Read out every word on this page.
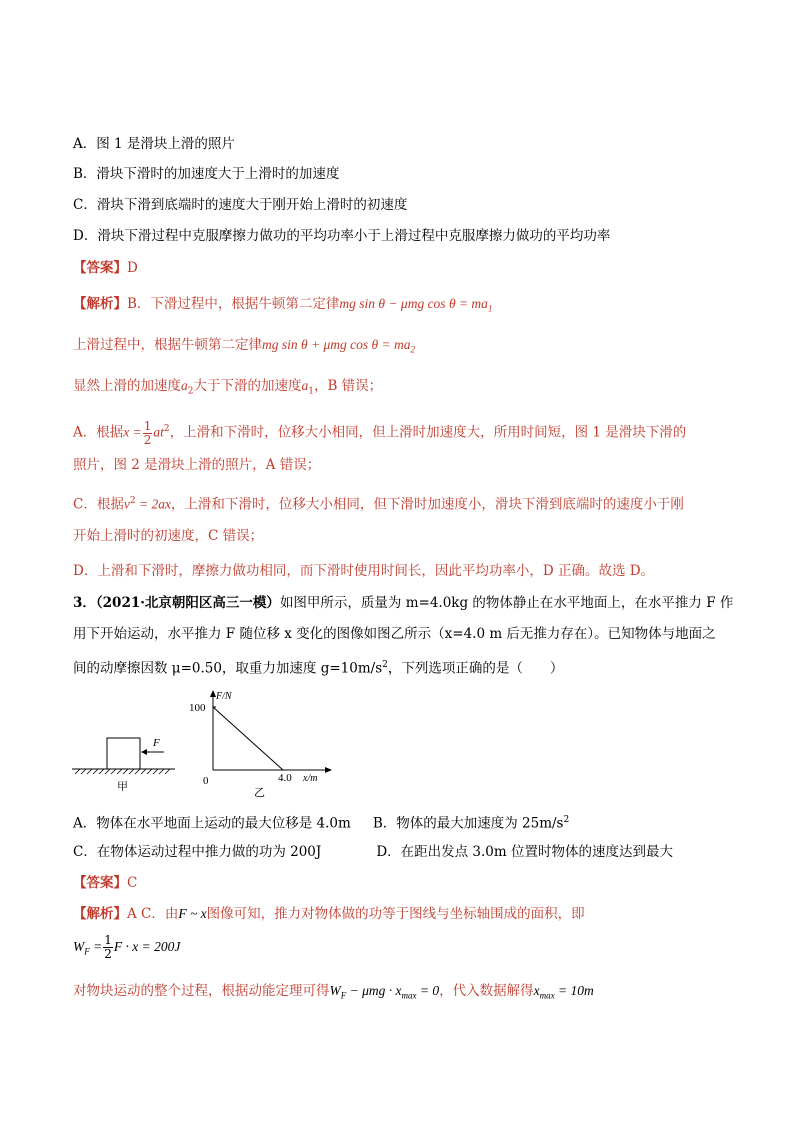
A．图 1 是滑块上滑的照片
B．滑块下滑时的加速度大于上滑时的加速度
C．滑块下滑到底端时的速度大于刚开始上滑时的初速度
D．滑块下滑过程中克服摩擦力做功的平均功率小于上滑过程中克服摩擦力做功的平均功率
【答案】D
【解析】B．下滑过程中，根据牛顿第二定律mg sin θ − μmg $\cos \theta = ma_1$
上滑过程中，根据牛顿第二定律mg sin θ + μmg $\cos \theta = ma_2$
显然上滑的加速度$a_2$大于下滑的加速度$a_1$，B 错误；
A．根据$x = \frac{1}{2} at^2$，上滑和下滑时，位移大小相同，但上滑时加速度大，所用时间短，图 1 是滑块下滑的
照片，图 2 是滑块上滑的照片，A 错误；
C．根据$v^2 = 2ax$，上滑和下滑时，位移大小相同，但下滑时加速度小，滑块下滑到底端时的速度小于刚
开始上滑时的初速度，C 错误；
D．上滑和下滑时，摩擦力做功相同，而下滑时使用时间长，因此平均功率小，D 正确。故选 D。
3．（2021·北京朝阳区高三一模）如图甲所示，质量为 m=4.0kg 的物体静止在水平地面上，在水平推力 F 作
用下开始运动，水平推力 F 随位移 x 变化的图像如图乙所示（x=4.0 m 后无推力存在）。已知物体与地面之
间的动摩擦因数 μ=0.50，取重力加速度 $g=10m/s^2$，下列选项正确的是（　　）
F
甲
F/N
100
0	4.0 x/m
乙
A．物体在水平地面上运动的最大位移是 4.0m B．物体的最大加速度为 $25m/s^2$
C．在物体运动过程中推力做的功为 200J	D．在距出发点 3.0m 位置时物体的速度达到最大
【答案】C
【解析】A C．由F ~ x图像可知，推力对物体做的功等于图线与坐标轴围成的面积，即
$W_F = \frac{1}{2}$ F · x = 200J
对物块运动的整个过程，根据动能定理可得$W_F - \mu mg \cdot x_{max} = 0$，代入数据解得$x_{max} = 10m$
